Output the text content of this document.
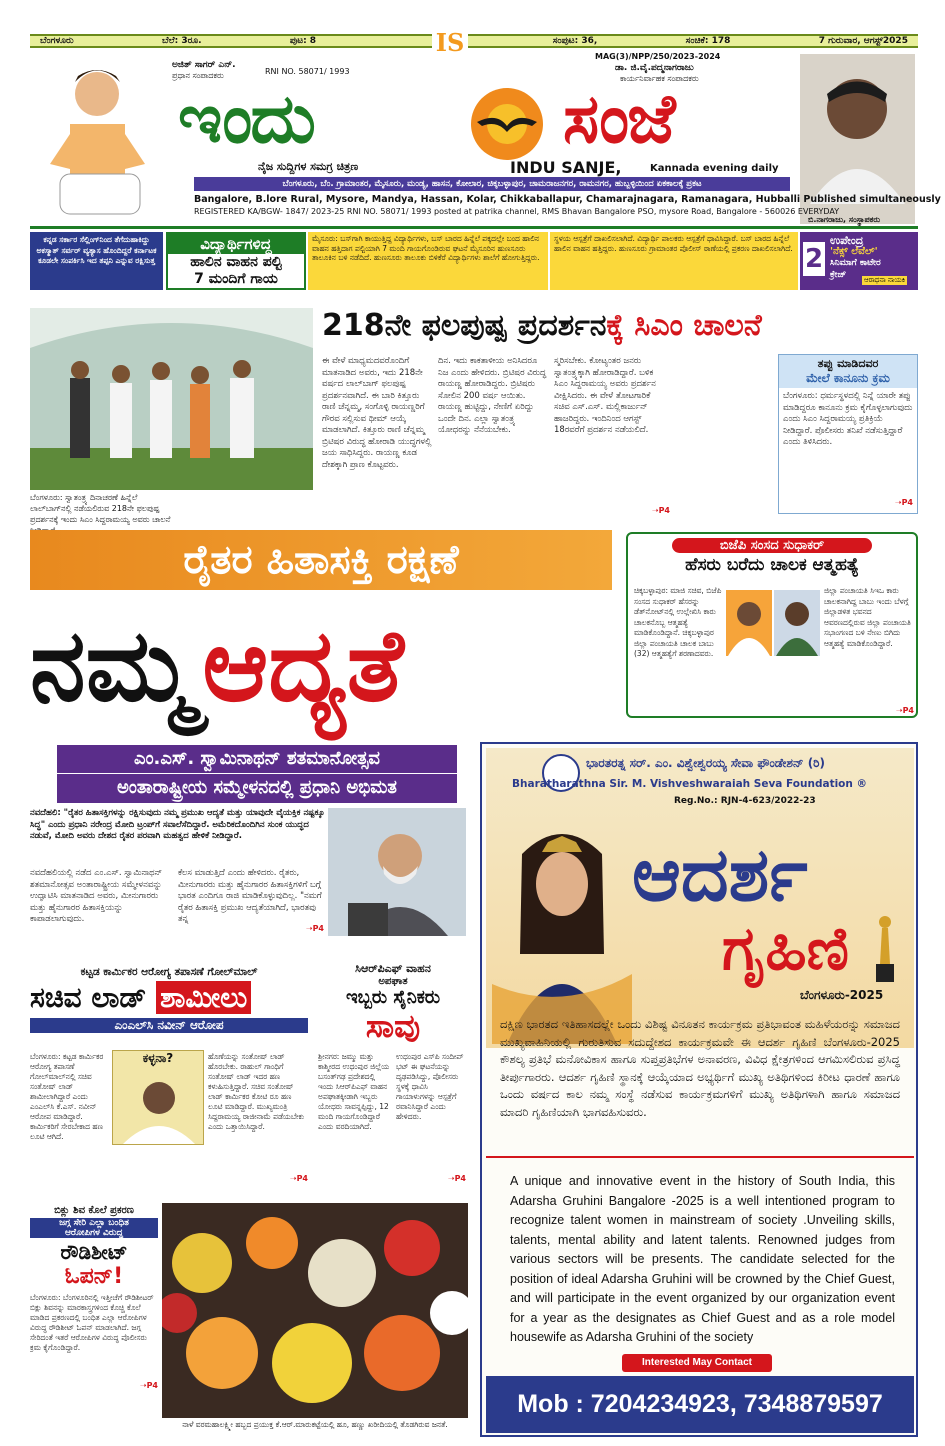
ಬೆಂಗಳೂರು	ಬೆಲೆ: 3ರೂ.	ಪುಟ: 8	ಸಂಪುಟ: 36,	ಸಂಚಿಕೆ: 178	7 ಗುರುವಾರ, ಆಗಸ್ಟ್2025
IS
ಅಜಿತ್ ಸಾಗರ್ ಎನ್.
ಪ್ರಧಾನ ಸಂಪಾದಕರು	RNI NO. 58071/ 1993
MAG(3)/NPP/250/2023-2024
ಡಾ. ಜಿ.ವೈ.ಪದ್ಮನಾಗರಾಜು
ಕಾರ್ಯನಿರ್ವಾಹಕ ಸಂಪಾದಕರು
ಇಂದು	ಸಂಜೆ
ನೈಜ ಸುದ್ದಿಗಳ ಸಮಗ್ರ ಚಿತ್ರಣ	INDU SANJE,	Kannada evening daily
ಬಿ.ನಾಗರಾಜು, ಸಂಸ್ಥಾಪಕರು
ಬೆಂಗಳೂರು, ಬೆಂ. ಗ್ರಾಮಾಂತರ, ಮೈಸೂರು, ಮಂಡ್ಯ, ಹಾಸನ, ಕೋಲಾರ, ಚಿಕ್ಕಬಳ್ಳಾಪುರ, ಚಾಮರಾಜನಗರ, ರಾಮನಗರ, ಹುಬ್ಬಳ್ಳಿಯಿಂದ ಏಕಕಾಲಕ್ಕೆ ಪ್ರಕಟ
Bangalore, B.lore Rural, Mysore, Mandya, Hassan, Kolar, Chikkaballapur, Chamarajnagara, Ramanagara, Hubballi Published simultaneously
REGISTERED KA/BGW- 1847/ 2023-25 RNI NO. 58071/ 1993 posted at patrika channel, RMS Bhavan Bangalore PSO, mysore Road, Bangalore - 560026 EVERYDAY
ಕನ್ನಡ ಸರ್ಕಾರ ಸೆಲ್ಲಿಂಗ್‌ನಿಂದ ತೆಗೆದುಹಾಕಿದ್ದು ಅಕಸ್ಮಾತ್ ಸರ್ವರ್ ವ್ಯತ್ಯಾಸ ಹೊಂದಿದ್ದರೆ ಕರ್ನಾಟಕ ಕೂಡಲೇ ಸಂಪರ್ಕಿಸಿ ಇದ ತಪ್ಪನಿ ಎನ್ನುವ ರಕ್ಷಿಸುತ್ತ
ವಿದ್ಯಾರ್ಥಿಗಳಿದ್ದ
ಹಾಲಿನ ವಾಹನ ಪಲ್ಟಿ
7 ಮಂದಿಗೆ ಗಾಯ
ಮೈಸೂರು: ಬಸ್‌ಗಾಗಿ ಕಾಯುತ್ತಿದ್ದ ವಿದ್ಯಾರ್ಥಿಗಳು, ಬಸ್ ಬಾರದ ಹಿನ್ನೆಲೆ ಪಕ್ಕದಲ್ಲೇ ಬಂದ ಹಾಲಿನ ವಾಹನ ಹತ್ತಿದಾಗ ಪಲ್ಟಿಯಾಗಿ 7 ಮಂದಿ ಗಾಯಗೊಂಡಿರುವ ಘಟನೆ ಮೈಸೂರಿನ ಹುಣಸೂರು ತಾಲೂಕಿನ ಬಳಿ ನಡೆದಿದೆ. ಹುಣಸೂರು ತಾಲೂಕು ಬಿಳಿಕೆರೆ ವಿದ್ಯಾರ್ಥಿಗಳು ಶಾಲೆಗೆ ಹೋಗುತ್ತಿದ್ದರು.
ಸ್ಥಳಯ ಆಸ್ಪತ್ರೆಗೆ ದಾಖಲಿಸಲಾಗಿದೆ. ವಿದ್ಯಾರ್ಥಿ ಪಾಲಕರು ಆಸ್ಪತ್ರೆಗೆ ಧಾವಿಸಿದ್ದಾರೆ. ಬಸ್ ಬಾರದ ಹಿನ್ನೆಲೆ ಹಾಲಿನ ವಾಹನ ಹತ್ತಿದ್ದರು. ಹುಣಸೂರು ಗ್ರಾಮಾಂತರ ಪೊಲೀಸ್ ಠಾಣೆಯಲ್ಲಿ ಪ್ರಕರಣ ದಾಖಲಿಸಲಾಗಿದೆ. 2
ಉಪೇಂದ್ರ
'ನೆಕ್ಸ್ ಲೆವೆಲ್'
ಸಿನಿಮಾಗೆ ಕಾಟೇರ
ಕ್ರೇಜ್	ಆರಾಧನಾ ನಾಯಕಿ
ಬೆಂಗಳೂರು: ಸ್ವಾತಂತ್ರ್ಯ ದಿನಾಚರಣೆ ಹಿನ್ನೆಲೆ ಲಾಲ್‌ಬಾಗ್‌ನಲ್ಲಿ ನಡೆಯಲಿರುವ 218ನೇ ಫಲಪುಷ್ಪ ಪ್ರದರ್ಶನಕ್ಕೆ ಇಂದು ಸಿಎಂ ಸಿದ್ದರಾಮಯ್ಯ ಅವರು ಚಾಲನೆ
218ನೇ ಫಲಪುಷ್ಪ ಪ್ರದರ್ಶನಕ್ಕೆ ಸಿಎಂ ಚಾಲನೆ
ಈ ವೇಳೆ ಮಾಧ್ಯಮದವರೊಂದಿಗೆ ಮಾತನಾಡಿದ ಅವರು, ಇದು 218ನೇ ವರ್ಷದ ಲಾಲ್‌ಬಾಗ್ ಫಲಪುಷ್ಪ ಪ್ರದರ್ಶನವಾಗಿದೆ. ಈ ಬಾರಿ ಕಿತ್ತೂರು ರಾಣಿ ಚೆನ್ನಮ್ಮ, ಸಂಗೊಳ್ಳಿ ರಾಯಣ್ಣರಿಗೆ ಗೌರವ ಸಲ್ಲಿಸುವ ಥೀಮ್ ಆಯ್ಕೆ ಮಾಡಲಾಗಿದೆ. ಕಿತ್ತೂರು ರಾಣಿ ಚೆನ್ನಮ್ಮ ಬ್ರಿಟಿಷರ ವಿರುದ್ಧ ಹೋರಾಡಿ ಯುದ್ಧಗಳಲ್ಲಿ ಜಯ ಸಾಧಿಸಿದ್ದರು. ರಾಯಣ್ಣ ಕೂಡ ದೇಶಕ್ಕಾಗಿ ಪ್ರಾಣ ಕೊಟ್ಟವರು.
ದಿನ. ಇದು ಕಾಕತಾಳೀಯ ಅನಿಸಿದರೂ ನಿಜ ಎಂದು ಹೇಳಿದರು. ಬ್ರಿಟಿಷರ ವಿರುದ್ಧ ರಾಯಣ್ಣ ಹೋರಾಡಿದ್ದರು. ಬ್ರಿಟಿಷರು ಸೋಲಿನ 200 ವರ್ಷ ಆಯಿತು. ರಾಯಣ್ಣ ಹುಟ್ಟಿದ್ದು, ನೇಣಿಗೆ ಏರಿದ್ದು ಒಂದೇ ದಿನ. ಎಲ್ಲಾ ಸ್ವಾತಂತ್ರ್ಯ ಯೋಧರನ್ನು ನೆನೆಯಬೇಕು.
ಸ್ಮರಿಸಬೇಕು. ಕೋಟ್ಯಂತರ ಜನರು ಸ್ವಾತಂತ್ರ್ಯಕ್ಕಾಗಿ ಹೋರಾಡಿದ್ದಾರೆ. ಬಳಿಕ ಸಿಎಂ ಸಿದ್ದರಾಮಯ್ಯ ಅವರು ಪ್ರದರ್ಶನ ವೀಕ್ಷಿಸಿದರು. ಈ ವೇಳೆ ತೋಟಗಾರಿಕೆ ಸಚಿವ ಎಸ್.ಎಸ್. ಮಲ್ಲಿಕಾರ್ಜುನ್ ಹಾಜರಿದ್ದರು. ಇಂದಿನಿಂದ ಆಗಸ್ಟ್ 18ರವರೆಗೆ ಪ್ರದರ್ಶನ ನಡೆಯಲಿದೆ.
➝P4
ತಪ್ಪು ಮಾಡಿದವರ
ಮೇಲೆ ಕಾನೂನು ಕ್ರಮ
ಬೆಂಗಳೂರು: ಧರ್ಮಸ್ಥಳದಲ್ಲಿ ನಿನ್ನೆ ಯಾರೇ ತಪ್ಪು ಮಾಡಿದ್ದರೂ ಕಾನೂನು ಕ್ರಮ ಕೈಗೊಳ್ಳಲಾಗುವುದು ಎಂದು ಸಿಎಂ ಸಿದ್ದರಾಮಯ್ಯ ಪ್ರತಿಕ್ರಿಯೆ ನೀಡಿದ್ದಾರೆ. ಪೊಲೀಸರು ತನಿಖೆ ನಡೆಸುತ್ತಿದ್ದಾರೆ ಎಂದು ತಿಳಿಸಿದರು.
➝P4
ರೈತರ ಹಿತಾಸಕ್ತಿ ರಕ್ಷಣೆ
ನಮ್ಮಆದ್ಯತೆ
ಬಿಜೆಪಿ ಸಂಸದ ಸುಧಾಕರ್
ಹೆಸರು ಬರೆದು ಚಾಲಕ ಆತ್ಮಹತ್ಯೆ
ಚಿಕ್ಕಬಳ್ಳಾಪುರ: ಮಾಜಿ ಸಚಿವ, ಬಿಜೆಪಿ ಸಂಸದ ಸುಧಾಕರ್ ಹೆಸರನ್ನು ಡೆತ್‌ನೋಟ್‌ನಲ್ಲಿ ಉಲ್ಲೇಖಿಸಿ ಕಾರು ಚಾಲಕನೊಬ್ಬ ಆತ್ಮಹತ್ಯೆ ಮಾಡಿಕೊಂಡಿದ್ದಾನೆ. ಚಿಕ್ಕಬಳ್ಳಾಪುರ ಜಿಲ್ಲಾ ಪಂಚಾಯತಿ ಚಾಲಕ ಬಾಬು (32) ಆತ್ಮಹತ್ಯೆಗೆ ಶರಣಾದವರು.
ಜಿಲ್ಲಾ ಪಂಚಾಯತಿ ಸಿಇಒ ಕಾರು ಚಾಲಕನಾಗಿದ್ದ ಬಾಬು ಇಂದು ಬೆಳಗ್ಗೆ ಜಿಲ್ಲಾಡಳಿತ ಭವನದ ಆವರಣದಲ್ಲಿರುವ ಜಿಲ್ಲಾ ಪಂಚಾಯತಿ ಸಭಾಂಗಣದ ಬಳಿ ನೇಣು ಬಿಗಿದು ಆತ್ಮಹತ್ಯೆ ಮಾಡಿಕೊಂಡಿದ್ದಾರೆ.
➝P4
ಎಂ.ಎಸ್. ಸ್ವಾಮಿನಾಥನ್ ಶತಮಾನೋತ್ಸವ
ಅಂತಾರಾಷ್ಟ್ರೀಯ ಸಮ್ಮೇಳನದಲ್ಲಿ ಪ್ರಧಾನಿ ಅಭಿಮತ
ನವದೆಹಲಿ: "ರೈತರ ಹಿತಾಸಕ್ತಿಗಳನ್ನು ರಕ್ಷಿಸುವುದು ನಮ್ಮ ಪ್ರಮುಖ ಆದ್ಯತೆ ಮತ್ತು ಯಾವುದೇ ವೈಯಕ್ತಿಕ ನಷ್ಟಕ್ಕೂ ಸಿದ್ಧ" ಎಂದು ಪ್ರಧಾನಿ ನರೇಂದ್ರ ಮೋದಿ ಟ್ರಂಪ್‌ಗೆ ಸವಾಲೆಸೆದಿದ್ದಾರೆ. ಅಮೆರಿಕದೊಂದಿಗಿನ ಸುಂಕ ಯುದ್ಧದ ನಡುವೆ, ಮೋದಿ ಅವರು ದೇಶದ ರೈತರ ಪರವಾಗಿ ಮಹತ್ವದ ಹೇಳಿಕೆ ನೀಡಿದ್ದಾರೆ.
ನವದೆಹಲಿಯಲ್ಲಿ ನಡೆದ ಎಂ.ಎಸ್. ಸ್ವಾಮಿನಾಥನ್ ಶತಮಾನೋತ್ಸವ ಅಂತಾರಾಷ್ಟ್ರೀಯ ಸಮ್ಮೇಳನವನ್ನು ಉದ್ಘಾಟಿಸಿ ಮಾತನಾಡಿದ ಅವರು, ಮೀನುಗಾರರು ಮತ್ತು ಹೈನುಗಾರರ ಹಿತಾಸಕ್ತಿಯನ್ನು ಕಾಪಾಡಲಾಗುವುದು.
ಕೆಲಸ ಮಾಡುತ್ತಿದೆ ಎಂದು ಹೇಳಿದರು. ರೈತರು, ಮೀನುಗಾರರು ಮತ್ತು ಹೈನುಗಾರರ ಹಿತಾಸಕ್ತಿಗಳಿಗೆ ಬಗ್ಗೆ ಭಾರತ ಎಂದಿಗೂ ರಾಜಿ ಮಾಡಿಕೊಳ್ಳುವುದಿಲ್ಲ. "ನಮಗೆ ರೈತರ ಹಿತಾಸಕ್ತಿ ಪ್ರಮುಖ ಆದ್ಯತೆಯಾಗಿದೆ, ಭಾರತವು ತನ್ನ
➝P4
ಭಾರತರತ್ನ ಸರ್. ಎಂ. ವಿಶ್ವೇಶ್ವರಯ್ಯ ಸೇವಾ ಫೌಂಡೇಶನ್ (ರಿ)
Bharatharathna Sir. M. Vishveshwaraiah Seva Foundation ®
Reg.No.: RJN-4-623/2022-23
ಆದರ್ಶ
ಗೃಹಿಣಿ
ಬೆಂಗಳೂರು-2025
ದಕ್ಷಿಣ ಭಾರತದ ಇತಿಹಾಸದಲ್ಲೇ ಒಂದು ವಿಶಿಷ್ಟ ವಿನೂತನ ಕಾರ್ಯಕ್ರಮ ಪ್ರತಿಭಾವಂತ ಮಹಿಳೆಯರನ್ನು ಸಮಾಜದ ಮುಖ್ಯವಾಹಿನಿಯಲ್ಲಿ ಗುರುತಿಸುವ ಸದುದ್ದೇಶದ ಕಾರ್ಯಕ್ರಮವೇ ಈ ಆದರ್ಶ ಗೃಹಿಣಿ ಬೆಂಗಳೂರು-2025 ಕೌಶಲ್ಯ ಪ್ರತಿಭೆ ಮನೋವಿಕಾಸ ಹಾಗೂ ಸುಪ್ತಪ್ರತಿಭೆಗಳ ಅನಾವರಣ, ವಿವಿಧ ಕ್ಷೇತ್ರಗಳಿಂದ ಆಗಮಿಸಲಿರುವ ಪ್ರಸಿದ್ಧ ತೀರ್ಪುಗಾರರು. ಆದರ್ಶ ಗೃಹಿಣಿ ಸ್ಥಾನಕ್ಕೆ ಆಯ್ಕೆಯಾದ ಅಭ್ಯರ್ಥಿಗೆ ಮುಖ್ಯ ಅತಿಥಿಗಳಿಂದ ಕಿರೀಟ ಧಾರಣೆ ಹಾಗೂ ಒಂದು ವರ್ಷದ ಕಾಲ ನಮ್ಮ ಸಂಸ್ಥೆ ನಡೆಸುವ ಕಾರ್ಯಕ್ರಮಗಳಿಗೆ ಮುಖ್ಯ ಅತಿಥಿಗಳಾಗಿ ಹಾಗೂ ಸಮಾಜದ ಮಾದರಿ ಗೃಹಿಣಿಯಾಗಿ ಭಾಗವಹಿಸುವರು.
A unique and innovative event in the history of South India, this Adarsha Gruhini Bangalore -2025 is a well intentioned program to recognize talent women in mainstream of society .Unveiling skills, talents, mental ability and latent talents. Renowned judges from various sectors will be presents. The candidate selected for the position of ideal Adarsha Gruhini will be crowned by the Chief Guest, and will participate in the event organized by our organization event for a year as the designates as Chief Guest and as a role model housewife as Adarsha Gruhini of the society
Interested May Contact
Mob : 7204234923, 7348879597
ಕಟ್ಟಡ ಕಾರ್ಮಿಕರ ಆರೋಗ್ಯ ತಪಾಸಣೆ ಗೋಲ್‌ಮಾಲ್
ಸಚಿವ ಲಾಡ್ ಶಾಮೀಲು
ಎಂಎಲ್‌ಸಿ ನವೀನ್ ಆರೋಪ
ಬೆಂಗಳೂರು: ಕಟ್ಟಡ ಕಾರ್ಮಿಕರ ಆರೋಗ್ಯ ತಪಾಸಣೆ ಗೋಲ್‌ಮಾಲ್‌ನಲ್ಲಿ ಸಚಿವ ಸಂತೋಷ್ ಲಾಡ್ ಶಾಮೀಲಾಗಿದ್ದಾರೆ ಎಂದು ಎಂಎಲ್‌ಸಿ ಕೆ.ಎಸ್. ನವೀನ್ ಆರೋಪ ಮಾಡಿದ್ದಾರೆ. ಕಾರ್ಮಿಕರಿಗೆ ಸೇರಬೇಕಾದ ಹಣ ಲೂಟಿ ಆಗಿದೆ.
ಕಳ್ಳನಾ?	ಹೊಣೆಯನ್ನು ಸಂತೋಷ್ ಲಾಡ್ ಹೊರಬೇಕು. ರಾಹುಲ್ ಗಾಂಧಿಗೆ ಸಂತೋಷ್ ಲಾಡ್ ಇದರ ಹಣ ಕಳುಹಿಸುತ್ತಿದ್ದಾರೆ. ಸಚಿವ ಸಂತೋಷ್ ಲಾಡ್ ಕಾರ್ಮಿಕರ ಕೋಟಿ ರೂ ಹಣ ಲೂಟಿ ಮಾಡಿದ್ದಾರೆ. ಮುಖ್ಯಮಂತ್ರಿ ಸಿದ್ದರಾಮಯ್ಯ ರಾಜೀನಾಮೆ ಪಡೆಯಬೇಕು ಎಂದು ಒತ್ತಾಯಿಸಿದ್ದಾರೆ.
➝P4
ಸಿಆರ್‌ಪಿಎಫ್ ವಾಹನ
ಅಪಘಾತ
ಇಬ್ಬರು ಸೈನಿಕರು
ಸಾವು
ಶ್ರೀನಗರ: ಜಮ್ಮು ಮತ್ತು ಕಾಶ್ಮೀರದ ಉಧಂಪುರ ಜಿಲ್ಲೆಯ ಬಸಂತ್‌ಗಢ ಪ್ರದೇಶದಲ್ಲಿ ಇಂದು ಸಿಆರ್‌ಪಿಎಫ್ ವಾಹನ ಅಪಘಾತಕ್ಕೀಡಾಗಿ ಇಬ್ಬರು ಯೋಧರು ಸಾವನ್ನಪ್ಪಿದ್ದು, 12 ಮಂದಿ ಗಾಯಗೊಂಡಿದ್ದಾರೆ ಎಂದು ವರದಿಯಾಗಿದೆ.
ಉಧಂಪುರ ಎಸ್‌ಪಿ ಸಂದೀಪ್ ಭಟ್ ಈ ಘಟನೆಯನ್ನು ದೃಢಪಡಿಸಿದ್ದು, ಪೊಲೀಸರು ಸ್ಥಳಕ್ಕೆ ಧಾವಿಸಿ ಗಾಯಾಳುಗಳನ್ನು ಆಸ್ಪತ್ರೆಗೆ ರವಾನಿಸಿದ್ದಾರೆ ಎಂದು ಹೇಳಿದರು.
➝P4
ಬಿಕ್ಲು ಶಿವ ಕೊಲೆ ಪ್ರಕರಣ
ಜಗ್ಗ ಸೇರಿ ಎಲ್ಲಾ ಬಂಧಿತ
ಆರೋಪಿಗಳ ವಿರುದ್ಧ
ರೌಡಿಶೀಟ್
ಓಪನ್!
ಬೆಂಗಳೂರು: ಬೆಂಗಳೂರಿನಲ್ಲಿ ಇತ್ತೀಚೆಗೆ ರೌಡಿಶೀಟರ್ ಬಿಕ್ಲು ಶಿವನನ್ನು ಮಾರಕಾಸ್ತ್ರಗಳಿಂದ ಕೊಚ್ಚಿ ಕೊಲೆ ಮಾಡಿದ ಪ್ರಕರಣದಲ್ಲಿ ಬಂಧಿತ ಎಲ್ಲಾ ಆರೋಪಿಗಳ ವಿರುದ್ಧ ರೌಡಿಶೀಟ್ ಓಪನ್ ಮಾಡಲಾಗಿದೆ. ಜಗ್ಗ ಸೇರಿದಂತೆ ಇತರೆ ಆರೋಪಿಗಳ ವಿರುದ್ಧ ಪೊಲೀಸರು ಕ್ರಮ ಕೈಗೊಂಡಿದ್ದಾರೆ.
➝P4
ನಾಳೆ ವರಮಹಾಲಕ್ಷ್ಮೀ ಹಬ್ಬದ ಪ್ರಯುಕ್ತ ಕೆ.ಆರ್.ಮಾರುಕಟ್ಟೆಯಲ್ಲಿ ಹೂ, ಹಣ್ಣು ಖರೀದಿಯಲ್ಲಿ ತೊಡಗಿರುವ ಜನತೆ.
